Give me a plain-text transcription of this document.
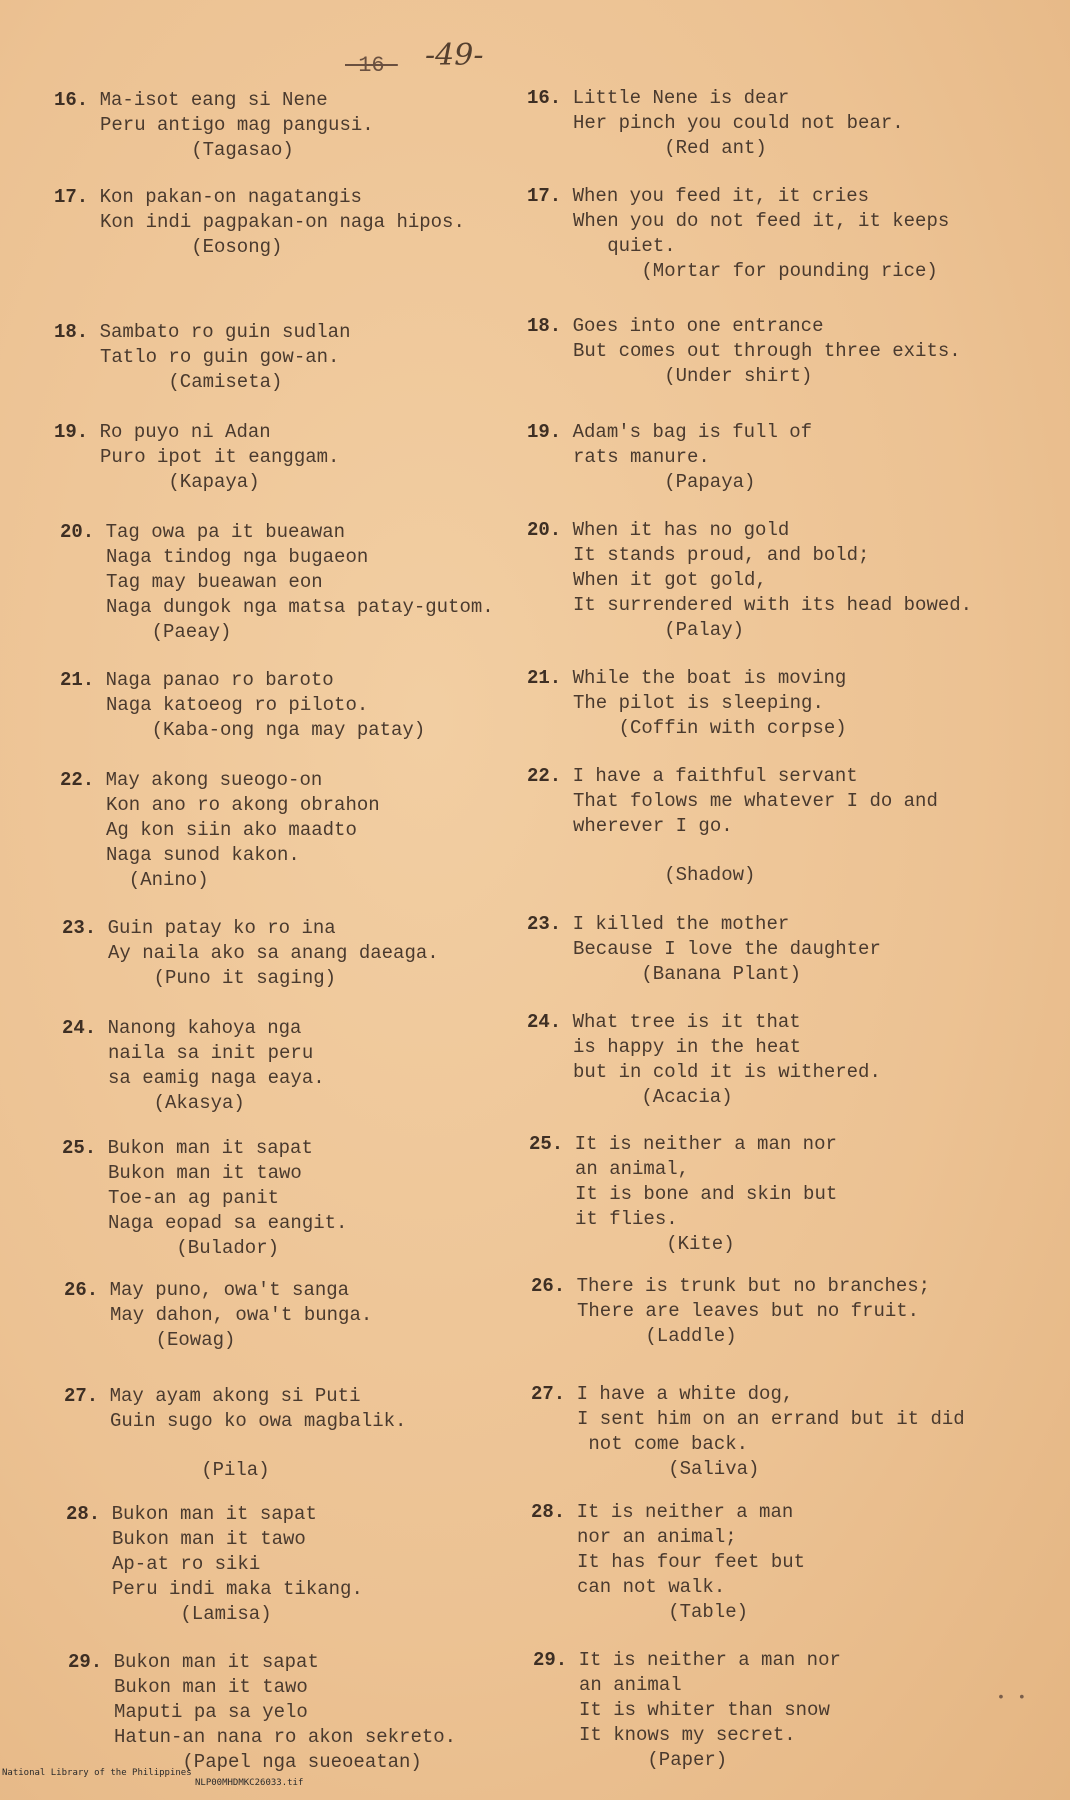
-16- -49-
16. Ma-isot eang si Nene

Peru antigo mag pangusi.
(Tagasao)
17. Kon pakan-on nagatangis

Kon indi pagpakan-on naga hipos.
(Eosong)
18. Sambato ro guin sudlan

Tatlo ro guin gow-an.
(Camiseta)
19. Ro puyo ni Adan

Puro ipot it eanggam.
(Kapaya)
20. Tag owa pa it bueawan

Naga tindog nga bugaeon
Tag may bueawan eon
Naga dungok nga matsa patay-gutom.
(Paeay)
21. Naga panao ro baroto

Naga katoeog ro piloto.
(Kaba-ong nga may patay)
22. May akong sueogo-on

Kon ano ro akong obrahon
Ag kon siin ako maadto
Naga sunod kakon.
(Anino)
23. Guin patay ko ro ina

Ay naila ako sa anang daeaga.
(Puno it saging)
24. Nanong kahoya nga

naila sa init peru
sa eamig naga eaya.
(Akasya)
25. Bukon man it sapat

Bukon man it tawo
Toe-an ag panit
Naga eopad sa eangit.
(Bulador)
26. May puno, owa't sanga

May dahon, owa't bunga.
(Eowag)
27. May ayam akong si Puti

Guin sugo ko owa magbalik.
(Pila)
28. Bukon man it sapat

Bukon man it tawo
Ap-at ro siki
Peru indi maka tikang.
(Lamisa)
29. Bukon man it sapat

Bukon man it tawo
Maputi pa sa yelo
Hatun-an nana ro akon sekreto.
(Papel nga sueoeatan)
16. Little Nene is dear

Her pinch you could not bear.
(Red ant)
17. When you feed it, it cries

When you do not feed it, it keeps
quiet.
(Mortar for pounding rice)
18. Goes into one entrance

But comes out through three exits.
(Under shirt)
19. Adam's bag is full of

rats manure.
(Papaya)
20. When it has no gold

It stands proud, and bold;
When it got gold,
It surrendered with its head bowed.
(Palay)
21. While the boat is moving

The pilot is sleeping.
(Coffin with corpse)
22. I have a faithful servant

That folows me whatever I do and
wherever I go.
(Shadow)
23. I killed the mother

Because I love the daughter
(Banana Plant)
24. What tree is it that

is happy in the heat
but in cold it is withered.
(Acacia)
25. It is neither a man nor

an animal,
It is bone and skin but
it flies.
(Kite)
26. There is trunk but no branches;

There are leaves but no fruit.
(Laddle)
27. I have a white dog,

I sent him on an errand but it did
not come back.
(Saliva)
28. It is neither a man

nor an animal;
It has four feet but
can not walk.
(Table)
29. It is neither a man nor

an animal
It is whiter than snow
It knows my secret.
(Paper)
• •

National Library of the Philippines

NLP00MHDMKC26033.tif
